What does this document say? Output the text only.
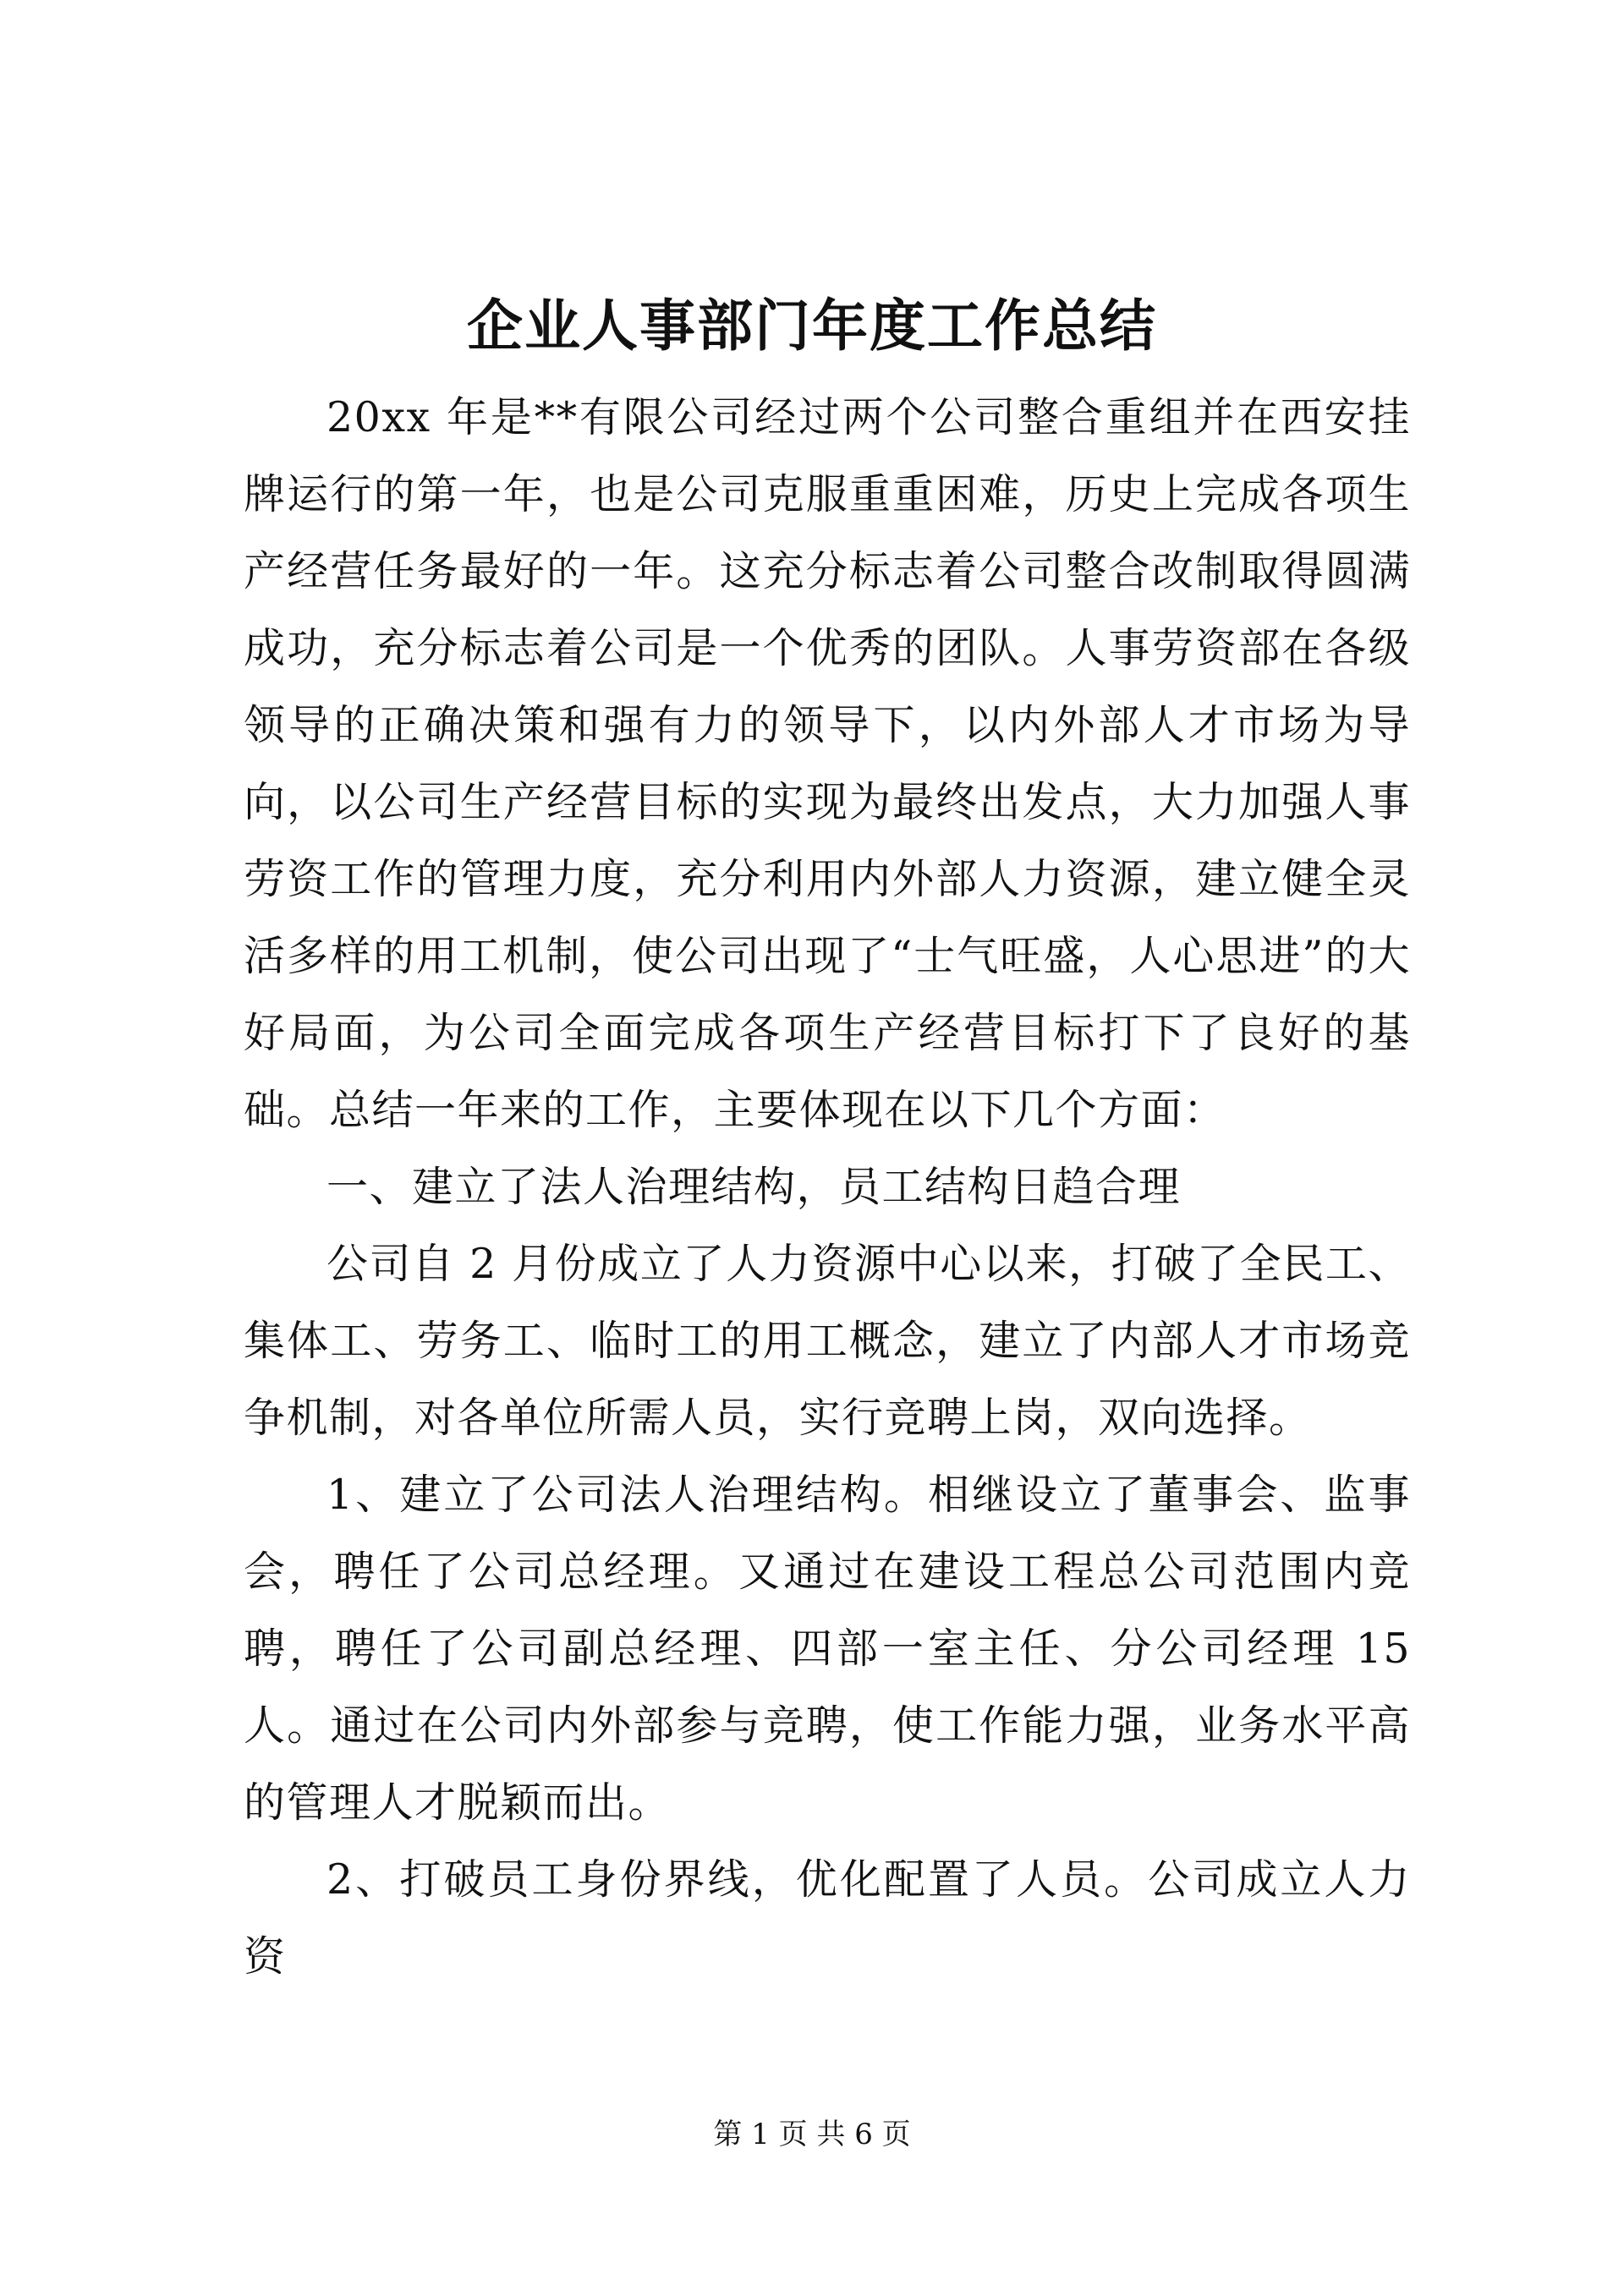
企业人事部门年度工作总结

20xx 年是**有限公司经过两个公司整合重组并在西安挂牌运行的第一年，也是公司克服重重困难，历史上完成各项生产经营任务最好的一年。这充分标志着公司整合改制取得圆满成功，充分标志着公司是一个优秀的团队。人事劳资部在各级领导的正确决策和强有力的领导下，以内外部人才市场为导向，以公司生产经营目标的实现为最终出发点，大力加强人事劳资工作的管理力度，充分利用内外部人力资源，建立健全灵活多样的用工机制，使公司出现了“士气旺盛，人心思进”的大好局面，为公司全面完成各项生产经营目标打下了良好的基础。总结一年来的工作，主要体现在以下几个方面：

一、建立了法人治理结构，员工结构日趋合理

公司自 2 月份成立了人力资源中心以来，打破了全民工、集体工、劳务工、临时工的用工概念，建立了内部人才市场竞争机制，对各单位所需人员，实行竞聘上岗，双向选择。

1、建立了公司法人治理结构。相继设立了董事会、监事会，聘任了公司总经理。又通过在建设工程总公司范围内竞聘，聘任了公司副总经理、四部一室主任、分公司经理 15 人。通过在公司内外部参与竞聘，使工作能力强，业务水平高的管理人才脱颖而出。

2、打破员工身份界线，优化配置了人员。公司成立人力资

第 1 页 共 6 页
